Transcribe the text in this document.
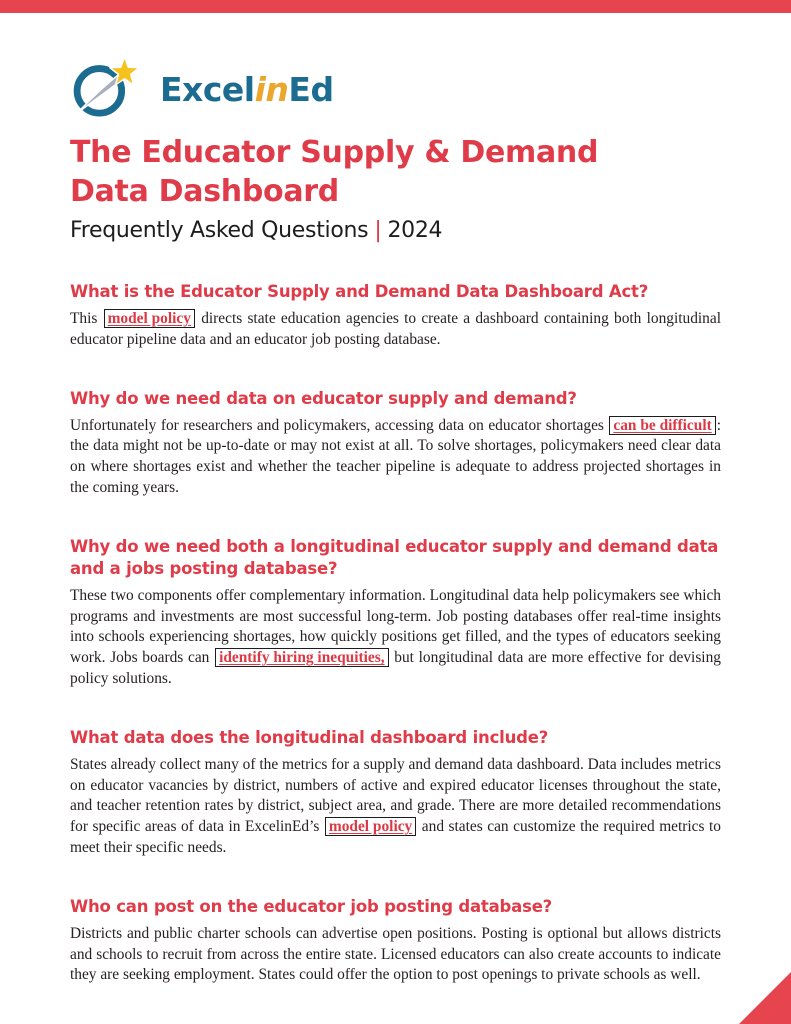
ExcelinEd
The Educator Supply & Demand
Data Dashboard
Frequently Asked Questions | 2024
What is the Educator Supply and Demand Data Dashboard Act?

This model policy directs state education agencies to create a dashboard containing both longitudinal educator pipeline data and an educator job posting database.

Why do we need data on educator supply and demand?

Unfortunately for researchers and policymakers, accessing data on educator shortages can be difficult : the data might not be up-to-date or may not exist at all. To solve shortages, policymakers need clear data on where shortages exist and whether the teacher pipeline is adequate to address projected shortages in the coming years.

Why do we need both a longitudinal educator supply and demand data and a jobs posting database?

These two components offer complementary information. Longitudinal data help policymakers see which programs and investments are most successful long-term. Job posting databases offer real-time insights into schools experiencing shortages, how quickly positions get filled, and the types of educators seeking work. Jobs boards can identify hiring inequities, but longitudinal data are more effective for devising policy solutions.

What data does the longitudinal dashboard include?

States already collect many of the metrics for a supply and demand data dashboard. Data includes metrics on educator vacancies by district, numbers of active and expired educator licenses throughout the state, and teacher retention rates by district, subject area, and grade. There are more detailed recommendations for specific areas of data in ExcelinEd’s model policy and states can customize the required metrics to meet their specific needs.

Who can post on the educator job posting database?

Districts and public charter schools can advertise open positions. Posting is optional but allows districts and schools to recruit from across the entire state. Licensed educators can also create accounts to indicate they are seeking employment. States could offer the option to post openings to private schools as well.
